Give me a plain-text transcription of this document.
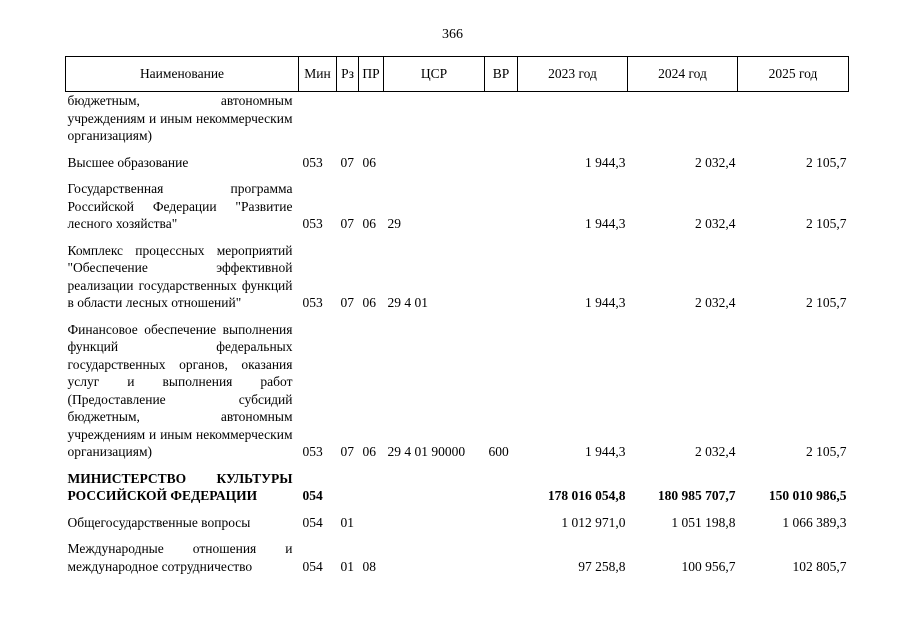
366
Наименование	Мин	Рз	ПР	ЦСР	ВР	2023 год	2024 год	2025 год
бюджетным, автономным учреждениям и иным некоммерческим организациям)								
Высшее образование	053	07	06			1 944,3	2 032,4	2 105,7
Государственная программа Российской Федерации "Развитие лесного хозяйства"	053	07	06	29		1 944,3	2 032,4	2 105,7
Комплекс процессных мероприятий "Обеспечение эффективной реализации государственных функций в области лесных отношений"	053	07	06	29 4 01		1 944,3	2 032,4	2 105,7
Финансовое обеспечение выполнения функций федеральных государственных органов, оказания услуг и выполнения работ (Предоставление субсидий бюджетным, автономным учреждениям и иным некоммерческим организациям)	053	07	06	29 4 01 90000	600	1 944,3	2 032,4	2 105,7
МИНИСТЕРСТВО КУЛЬТУРЫ РОССИЙСКОЙ ФЕДЕРАЦИИ	054					178 016 054,8	180 985 707,7	150 010 986,5
Общегосударственные вопросы	054	01				1 012 971,0	1 051 198,8	1 066 389,3
Международные отношения и международное сотрудничество	054	01	08			97 258,8	100 956,7	102 805,7
